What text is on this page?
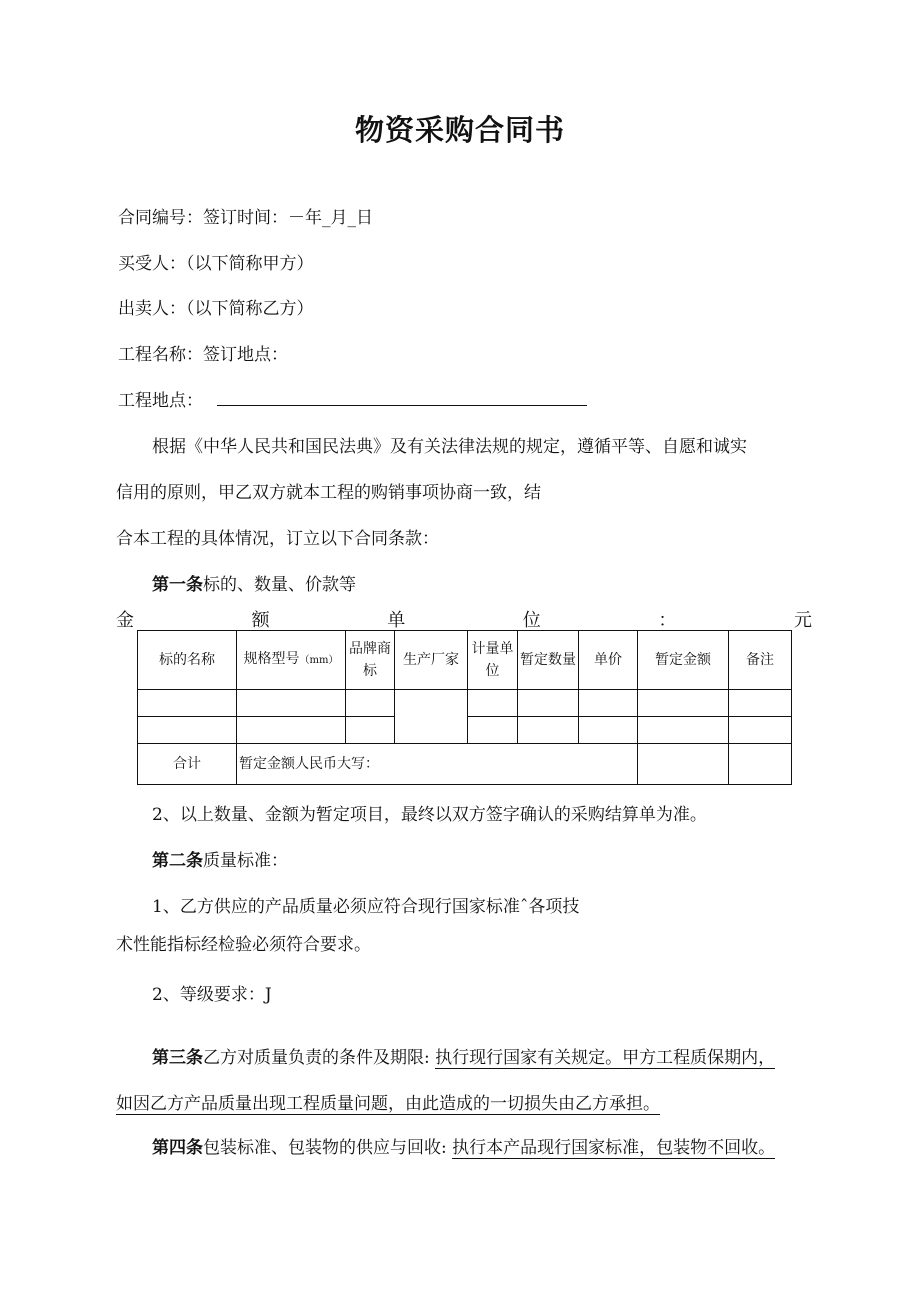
物资采购合同书
合同编号：签订时间：－年_月_日
买受人：（以下简称甲方）
出卖人：（以下简称乙方）
工程名称：签订地点：
工程地点：
根据《中华人民共和国民法典》及有关法律法规的规定，遵循平等、自愿和诚实
信用的原则，甲乙双方就本工程的购销事项协商一致，结
合本工程的具体情况，订立以下合同条款：
第一条标的、数量、价款等
金	额	单	位	：	元
标的名称	规格型号（mm）	品牌商标	生产厂家	计量单位	暂定数量	单价	暂定金额	备注

合计	暂定金额人民币大写：							
2、以上数量、金额为暂定项目，最终以双方签字确认的采购结算单为准。
第二条质量标准：
1、乙方供应的产品质量必须应符合现行国家标准ˆ各项技
术性能指标经检验必须符合要求。
2、等级要求：J
第三条乙方对质量负责的条件及期限: 执行现行国家有关规定。甲方工程质保期内，
如因乙方产品质量出现工程质量问题，由此造成的一切损失由乙方承担。
第四条包装标准、包装物的供应与回收: 执行本产品现行国家标准，包装物不回收。
